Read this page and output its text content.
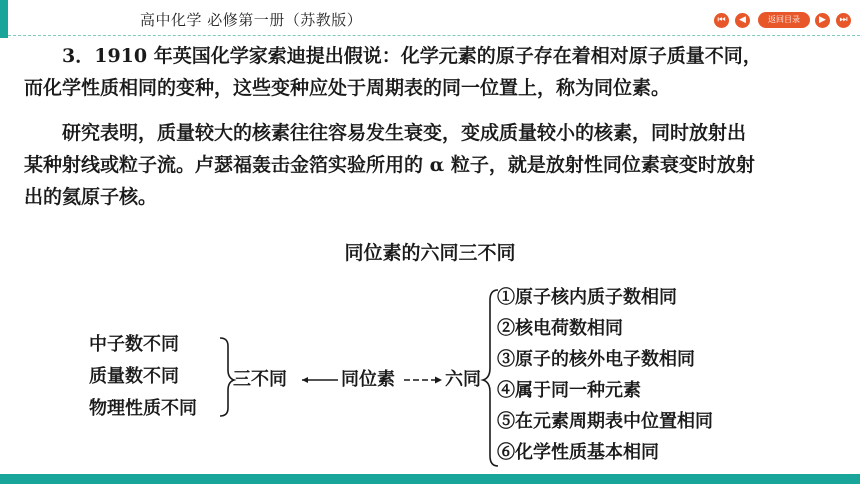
高中化学 必修第一册（苏教版）	⏮	◀	返回目录	▶	⏭
3．1910 年英国化学家索迪提出假说：化学元素的原子存在着相对原子质量不同，
而化学性质相同的变种，这些变种应处于周期表的同一位置上，称为同位素。
研究表明，质量较大的核素往往容易发生衰变，变成质量较小的核素，同时放射出
某种射线或粒子流。卢瑟福轰击金箔实验所用的 α 粒子，就是放射性同位素衰变时放射
出的氦原子核。
同位素的六同三不同
中子数不同
质量数不同
物理性质不同
三不同	同位素	六同
①原子核内质子数相同
②核电荷数相同
③原子的核外电子数相同
④属于同一种元素
⑤在元素周期表中位置相同
⑥化学性质基本相同
